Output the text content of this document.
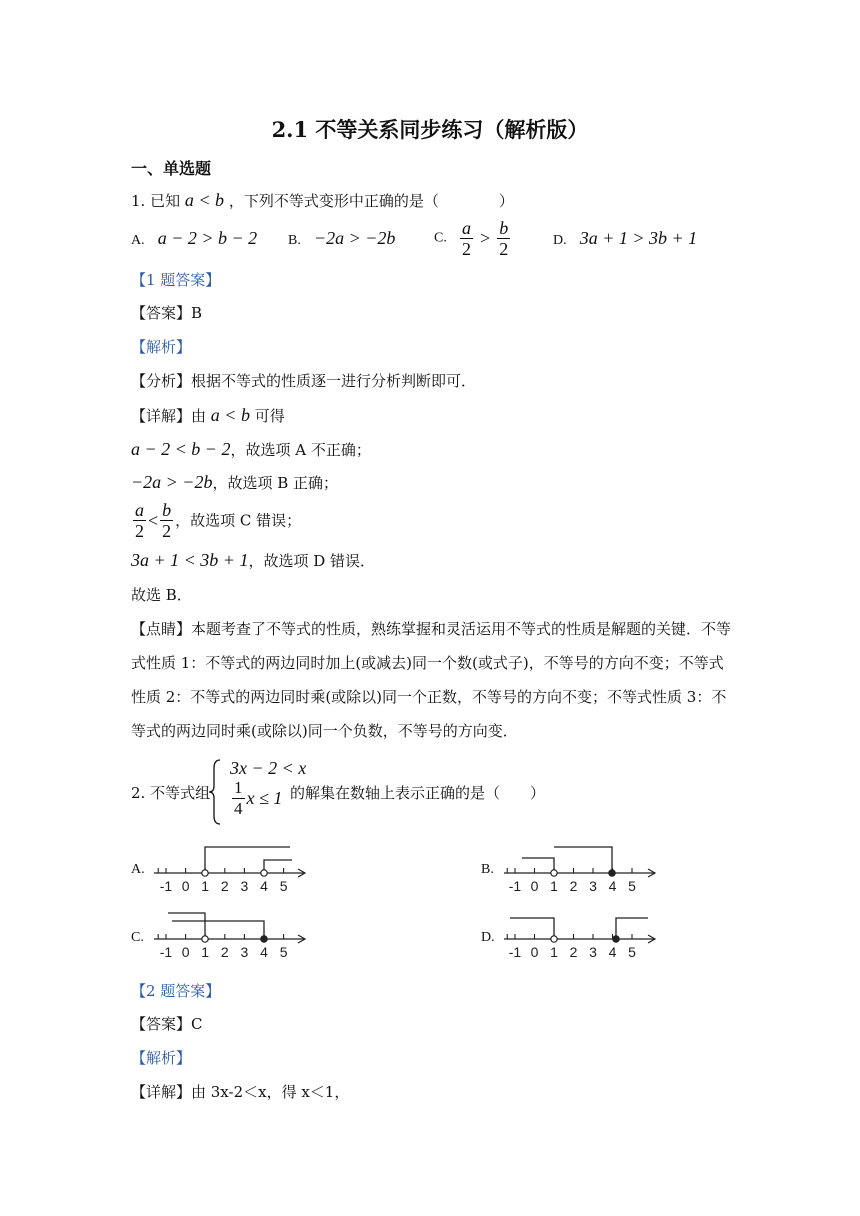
2.1 不等关系同步练习（解析版）
一、单选题
1. 已知 a < b ，下列不等式变形中正确的是（　　　　）
A. a − 2 > b − 2 B. −2a > −2b	C. $\frac{a}{2} > \frac{b}{2}$	D. 3a + 1 > 3b + 1
【1 题答案】
【答案】B
【解析】
【分析】根据不等式的性质逐一进行分析判断即可．
【详解】由 a < b 可得
a − 2 < b − 2，故选项 A 不正确；
−2a > −2b，故选项 B 正确；
$\frac{a}{2} < \frac{b}{2}$ ，故选项 C 错误；
3a + 1 < 3b + 1，故选项 D 错误．
故选 B．
【点睛】本题考查了不等式的性质，熟练掌握和灵活运用不等式的性质是解题的关键．不等
式性质 1：不等式的两边同时加上(或减去)同一个数(或式子)，不等号的方向不变；不等式
性质 2：不等式的两边同时乘(或除以)同一个正数，不等号的方向不变；不等式性质 3：不
等式的两边同时乘(或除以)同一个负数，不等号的方向变．
2. 不等式组
3x − 2 < x
$\frac{1}{4}$ x ≤ 1 的解集在数轴上表示正确的是（　　）
A.	B.
C.	D.
-1 0 1 2 3 4 5	-1 0 1 2 3 4 5
-1 0 1 2 3 4 5	-1 0 1 2 3 4 5
【2 题答案】
【答案】C
【解析】
【详解】由 3x-2＜x，得 x＜1，
